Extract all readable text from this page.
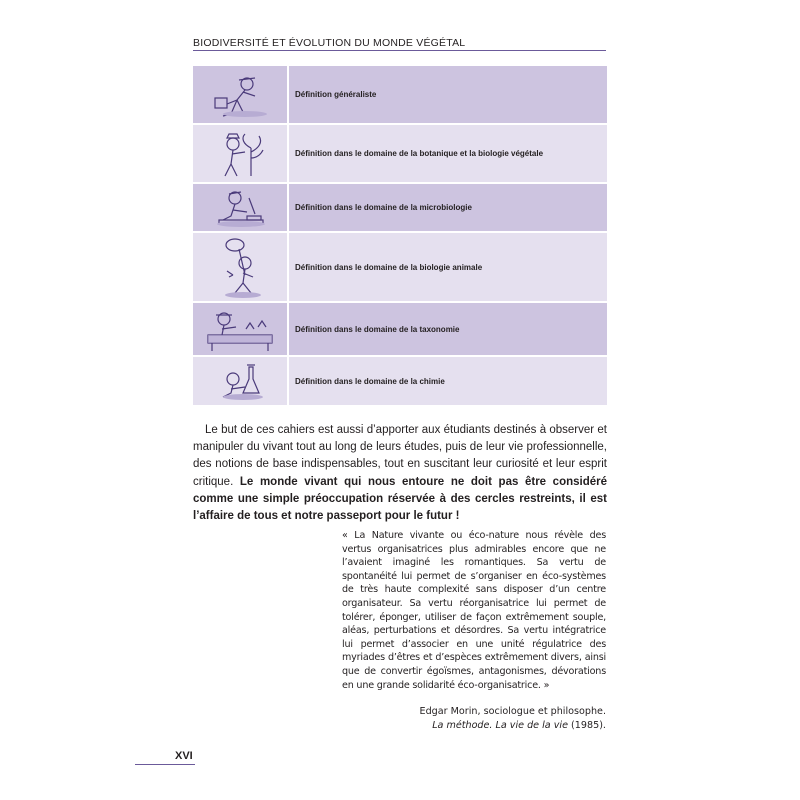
BIODIVERSITÉ ET ÉVOLUTION DU MONDE VÉGÉTAL
Définition généraliste
Définition dans le domaine de la botanique et la biologie végétale
Définition dans le domaine de la microbiologie
Définition dans le domaine de la biologie animale
Définition dans le domaine de la taxonomie
Définition dans le domaine de la chimie
Le but de ces cahiers est aussi d’apporter aux étudiants destinés à observer et manipuler du vivant tout au long de leurs études, puis de leur vie professionnelle, des notions de base indispensables, tout en suscitant leur curiosité et leur esprit critique. Le monde vivant qui nous entoure ne doit pas être considéré comme une simple préoccupation réservée à des cercles restreints, il est l’affaire de tous et notre passeport pour le futur !
« La Nature vivante ou éco-nature nous révèle des vertus organisatrices plus admirables encore que ne l’avaient imaginé les romantiques. Sa vertu de spontanéité lui permet de s’organiser en éco-systèmes de très haute complexité sans disposer d’un centre organisateur. Sa vertu réorganisatrice lui permet de tolérer, éponger, utiliser de façon extrêmement souple, aléas, perturbations et désordres. Sa vertu intégratrice lui permet d’associer en une unité régulatrice des myriades d’êtres et d’espèces extrêmement divers, ainsi que de convertir égoïsmes, antagonismes, dévorations en une grande solidarité éco-organisatrice. »
Edgar Morin, sociologue et philosophe.
La méthode. La vie de la vie (1985).
XVI
